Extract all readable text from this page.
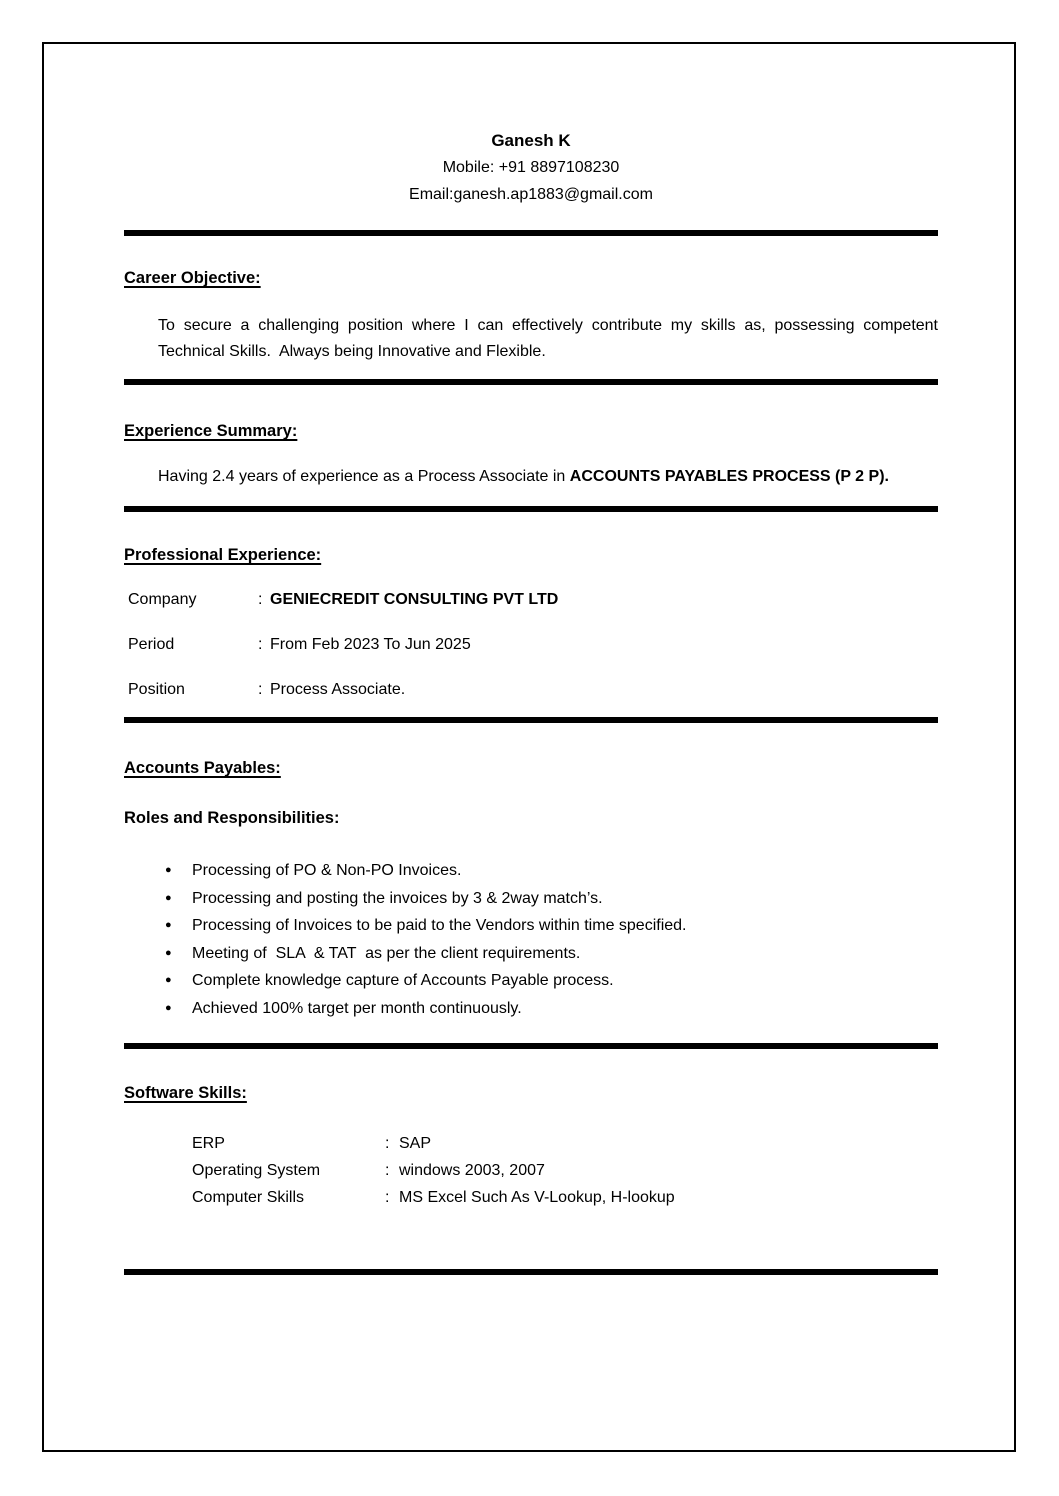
Ganesh K
Mobile: +91 8897108230
Email:ganesh.ap1883@gmail.com
Career Objective:
To secure a challenging position where I can effectively contribute my skills as, possessing competent Technical Skills.  Always being Innovative and Flexible.
Experience Summary:
Having 2.4 years of experience as a Process Associate in ACCOUNTS PAYABLES PROCESS (P 2 P).
Professional Experience:
Company	: GENIECREDIT CONSULTING PVT LTD
Period	: From Feb 2023 To Jun 2025
Position	: Process Associate.
Accounts Payables:
Roles and Responsibilities:
●	Processing of PO & Non-PO Invoices.
●	Processing and posting the invoices by 3 & 2way match’s.
●	Processing of Invoices to be paid to the Vendors within time specified.
●	Meeting of  SLA  & TAT  as per the client requirements.
●	Complete knowledge capture of Accounts Payable process.
●	Achieved 100% target per month continuously.
Software Skills:
ERP	: SAP
Operating System	: windows 2003, 2007
Computer Skills	: MS Excel Such As V-Lookup, H-lookup
